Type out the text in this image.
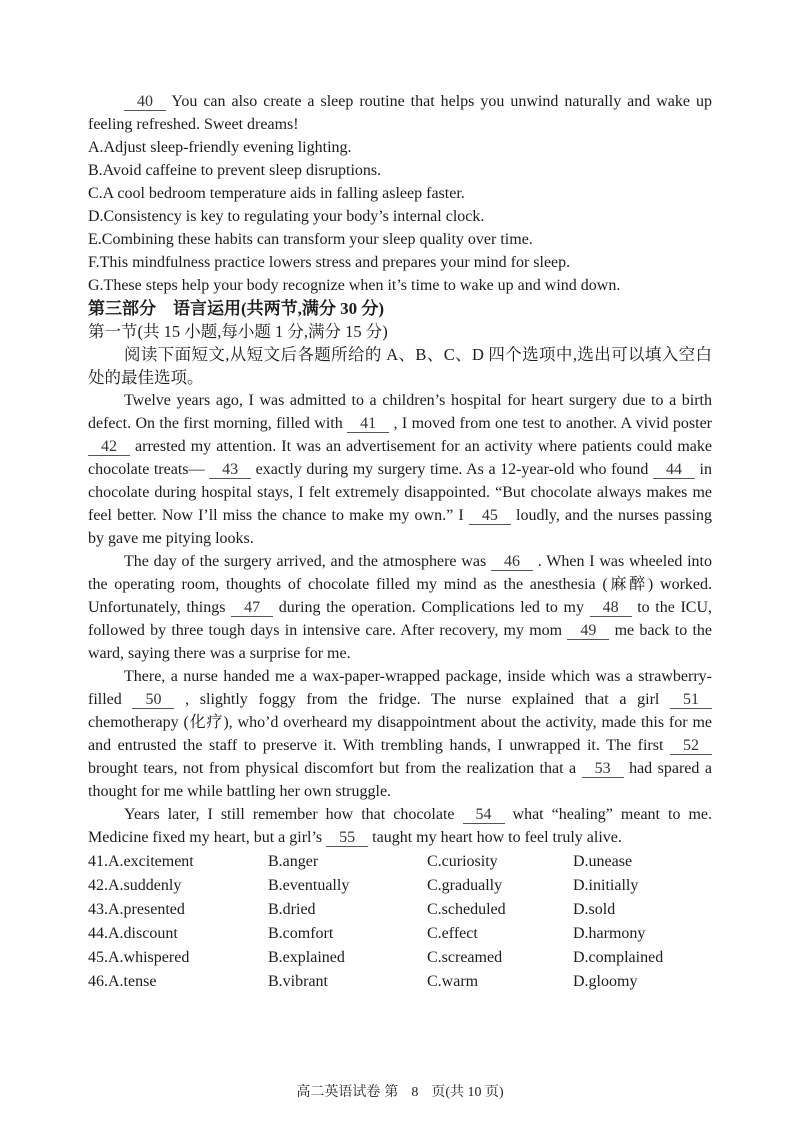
40 You can also create a sleep routine that helps you unwind naturally and wake up feeling refreshed. Sweet dreams!

A.Adjust sleep-friendly evening lighting.
B.Avoid caffeine to prevent sleep disruptions.
C.A cool bedroom temperature aids in falling asleep faster.
D.Consistency is key to regulating your body’s internal clock.
E.Combining these habits can transform your sleep quality over time.
F.This mindfulness practice lowers stress and prepares your mind for sleep.
G.These steps help your body recognize when it’s time to wake up and wind down.
第三部分　语言运用(共两节,满分 30 分)
第一节(共 15 小题,每小题 1 分,满分 15 分)

阅读下面短文,从短文后各题所给的 A、B、C、D 四个选项中,选出可以填入空白处的最佳选项。

Twelve years ago, I was admitted to a children’s hospital for heart surgery due to a birth defect. On the first morning, filled with 41 , I moved from one test to another. A vivid poster 42 arrested my attention. It was an advertisement for an activity where patients could make chocolate treats— 43 exactly during my surgery time. As a 12-year-old who found 44 in chocolate during hospital stays, I felt extremely disappointed. “But chocolate always makes me feel better. Now I’ll miss the chance to make my own.” I 45 loudly, and the nurses passing by gave me pitying looks.

The day of the surgery arrived, and the atmosphere was 46 . When I was wheeled into the operating room, thoughts of chocolate filled my mind as the anesthesia (麻醉) worked. Unfortunately, things 47 during the operation. Complications led to my 48 to the ICU, followed by three tough days in intensive care. After recovery, my mom 49 me back to the ward, saying there was a surprise for me.

There, a nurse handed me a wax-paper-wrapped package, inside which was a strawberry-filled 50 , slightly foggy from the fridge. The nurse explained that a girl 51 chemotherapy (化疗), who’d overheard my disappointment about the activity, made this for me and entrusted the staff to preserve it. With trembling hands, I unwrapped it. The first 52 brought tears, not from physical discomfort but from the realization that a 53 had spared a thought for me while battling her own struggle.

Years later, I still remember how that chocolate 54 what “healing” meant to me. Medicine fixed my heart, but a girl’s 55 taught my heart how to feel truly alive.

41.A.excitement	B.anger	C.curiosity	D.unease
42.A.suddenly	B.eventually	C.gradually	D.initially
43.A.presented	B.dried	C.scheduled	D.sold
44.A.discount	B.comfort	C.effect	D.harmony
45.A.whispered	B.explained	C.screamed	D.complained
46.A.tense	B.vibrant	C.warm	D.gloomy
高二英语试卷 第 8 页(共 10 页)
